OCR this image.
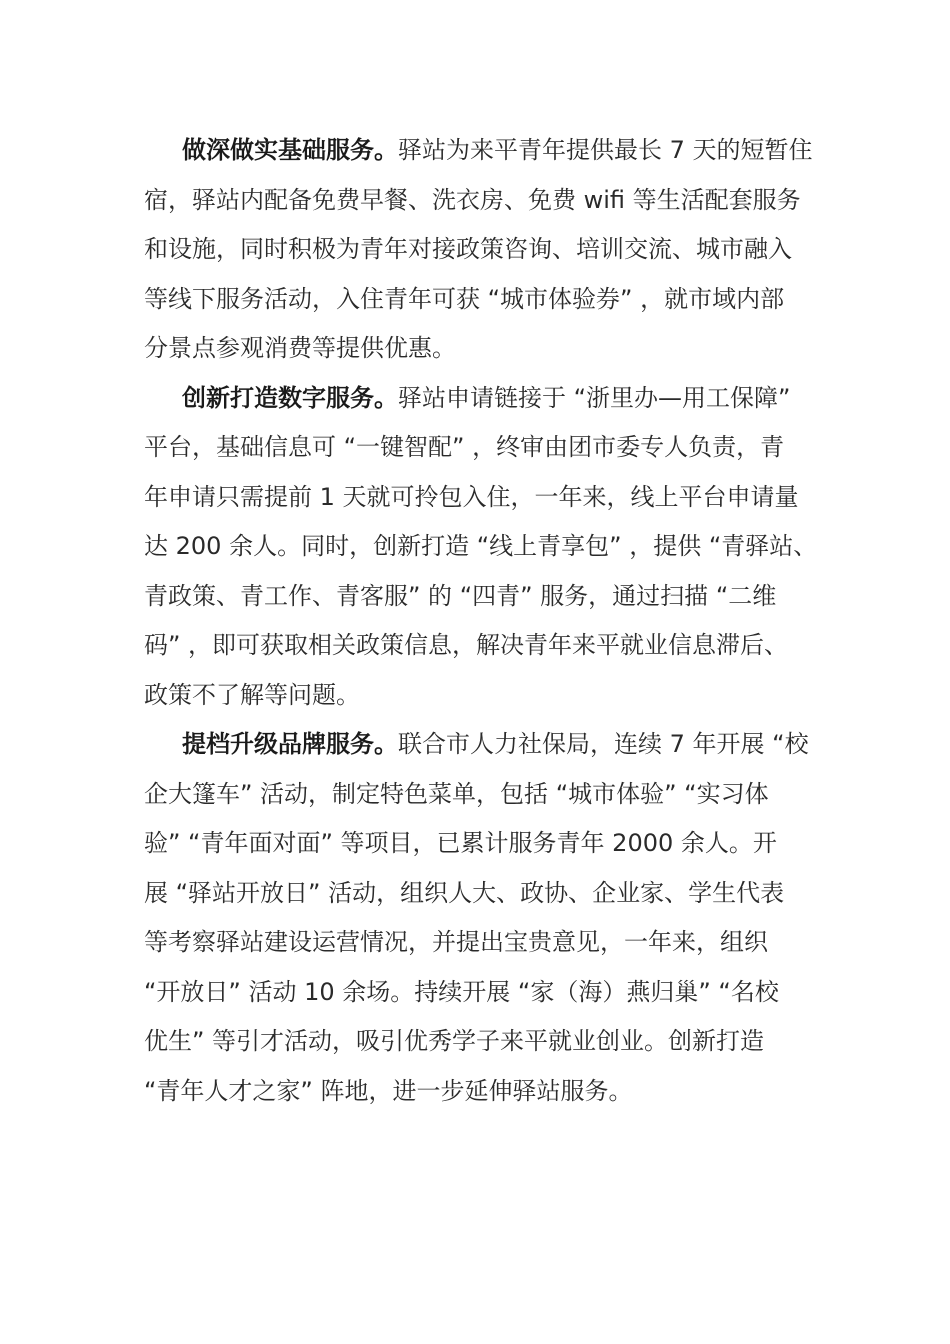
做深做实基础服务。驿站为来平青年提供最长 7 天的短暂住
宿，驿站内配备免费早餐、洗衣房、免费 wifi 等生活配套服务
和设施，同时积极为青年对接政策咨询、培训交流、城市融入
等线下服务活动，入住青年可获 “城市体验券” ，就市域内部
分景点参观消费等提供优惠。
创新打造数字服务。驿站申请链接于 “浙里办—用工保障”
平台，基础信息可 “一键智配” ，终审由团市委专人负责，青
年申请只需提前 1 天就可拎包入住，一年来，线上平台申请量
达 200 余人。同时，创新打造 “线上青享包” ，提供 “青驿站、
青政策、青工作、青客服” 的 “四青” 服务，通过扫描 “二维
码” ，即可获取相关政策信息，解决青年来平就业信息滞后、
政策不了解等问题。
提档升级品牌服务。联合市人力社保局，连续 7 年开展 “校
企大篷车” 活动，制定特色菜单，包括 “城市体验” “实习体
验” “青年面对面” 等项目，已累计服务青年 2000 余人。开
展 “驿站开放日” 活动，组织人大、政协、企业家、学生代表
等考察驿站建设运营情况，并提出宝贵意见，一年来，组织
“开放日” 活动 10 余场。持续开展 “家（海）燕归巢” “名校
优生” 等引才活动，吸引优秀学子来平就业创业。创新打造
“青年人才之家” 阵地，进一步延伸驿站服务。
